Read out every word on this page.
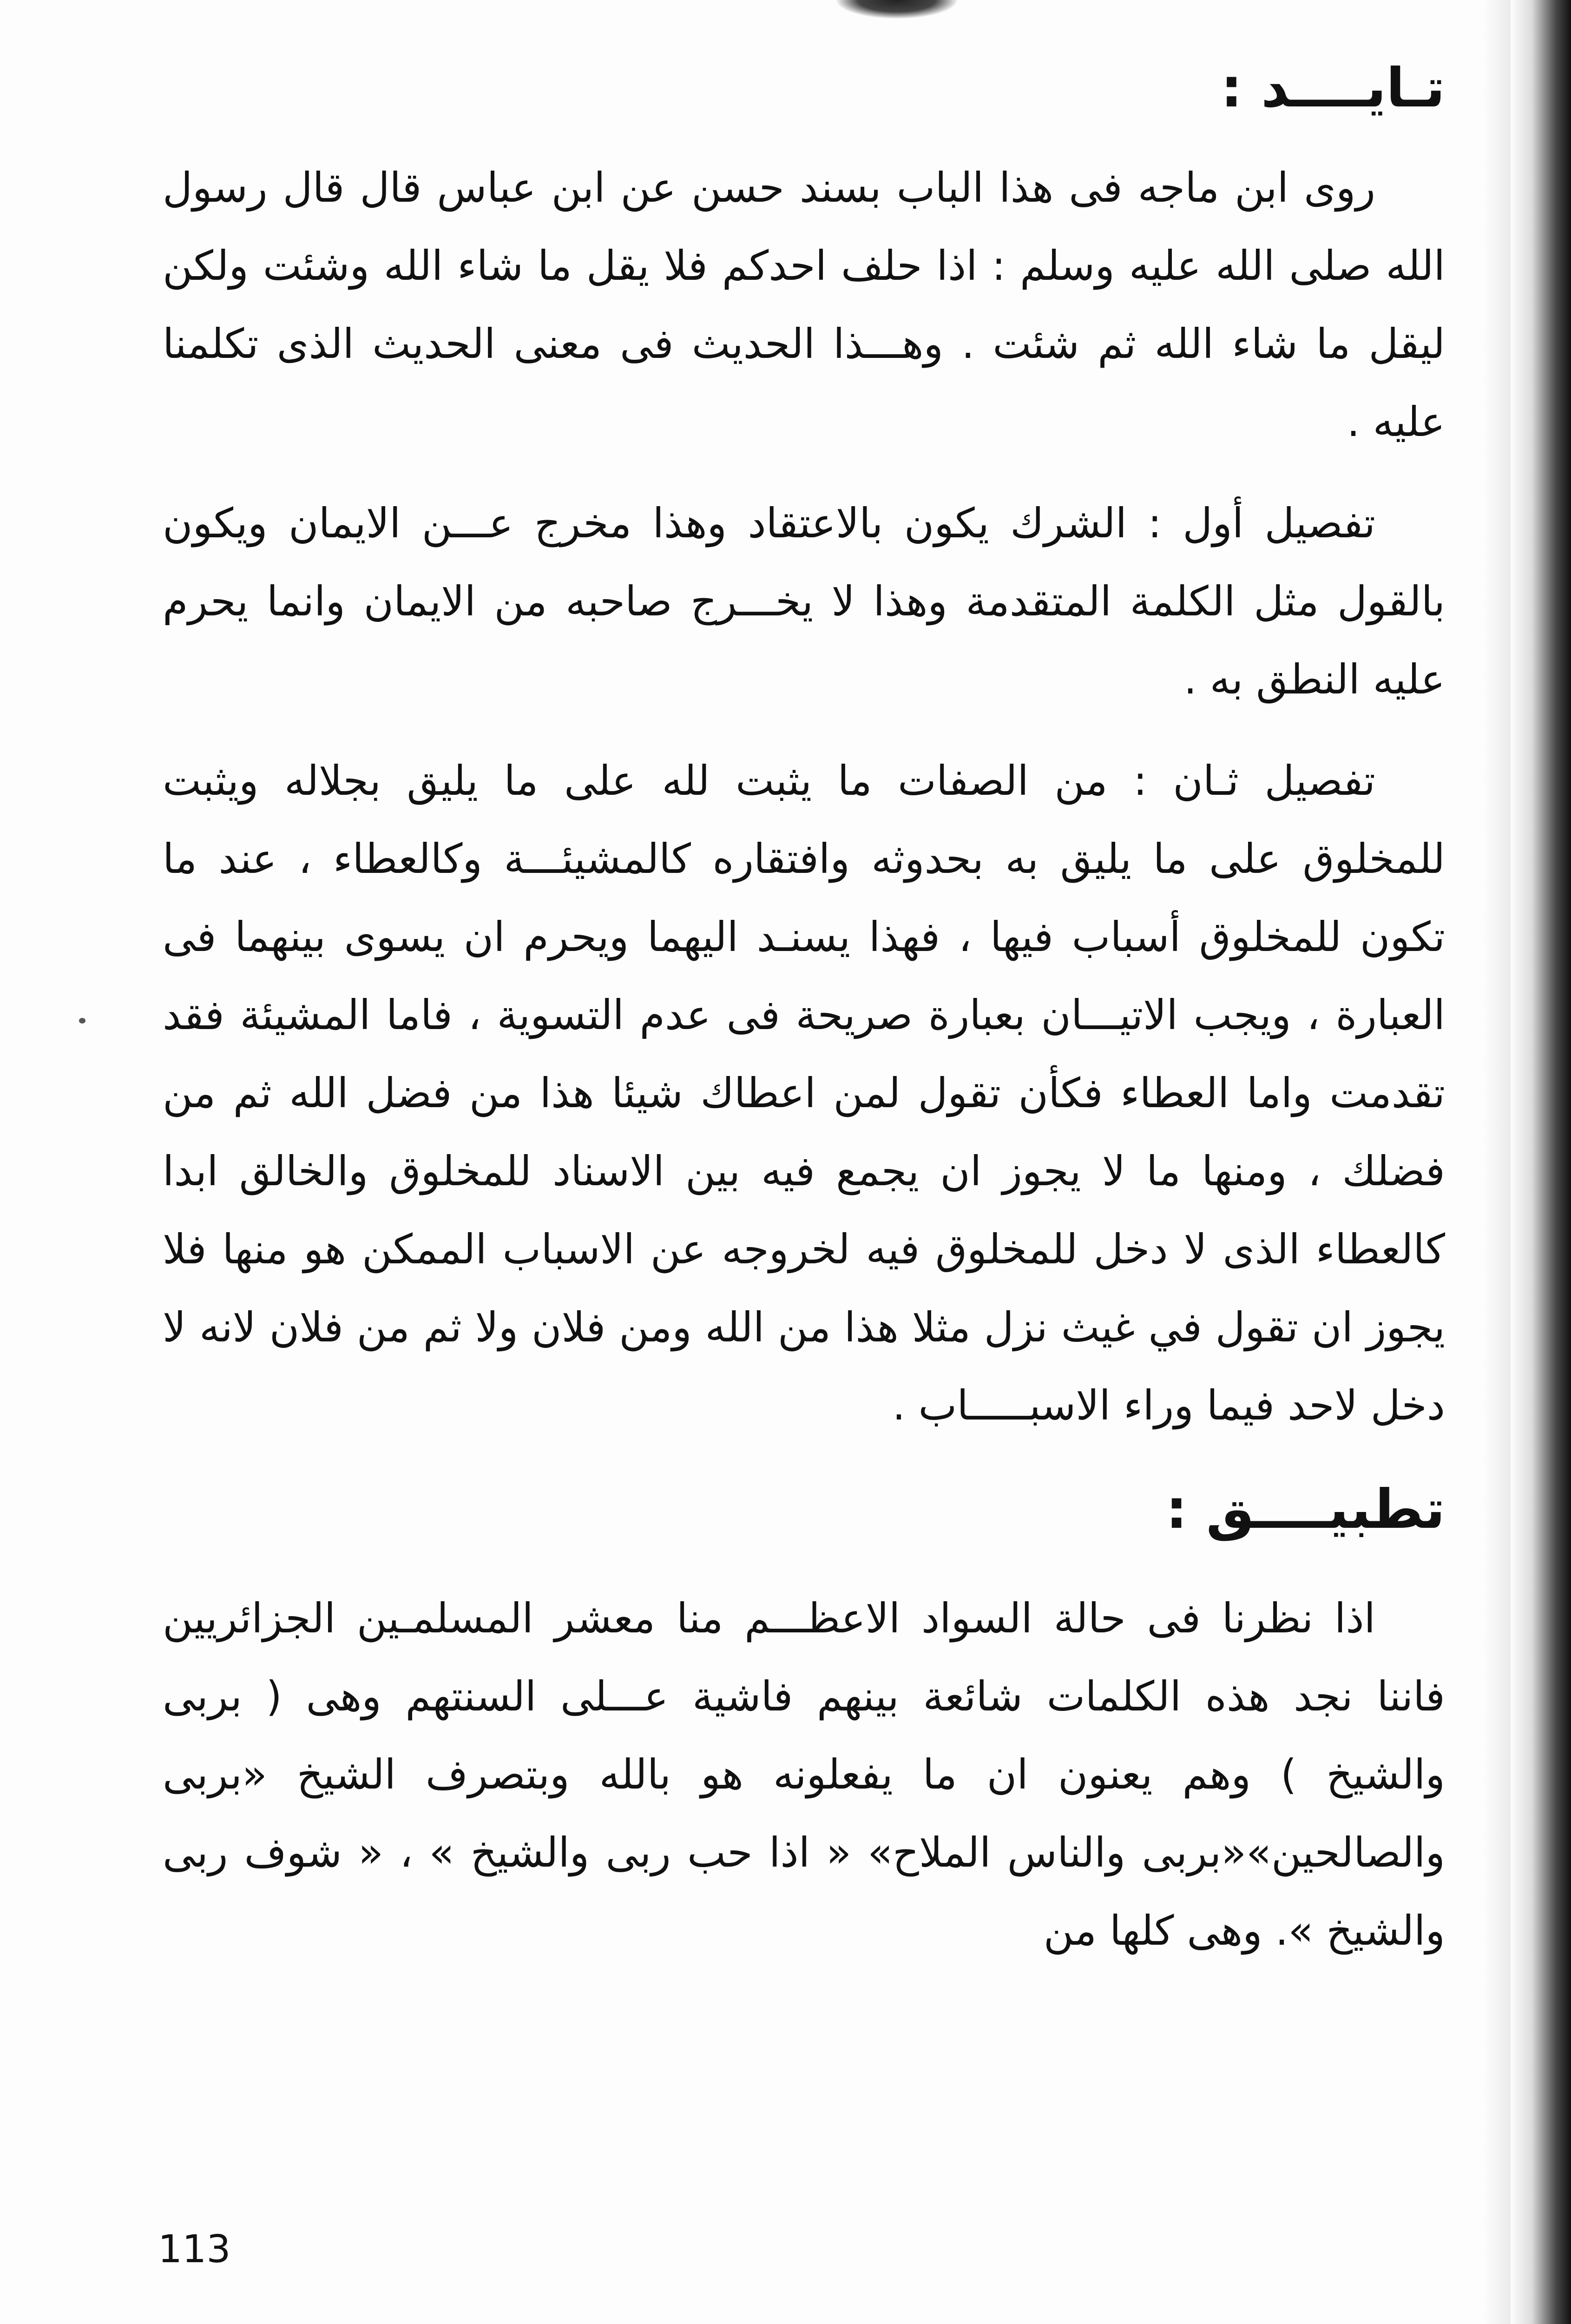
تـايــــد :

روى ابن ماجه فى هذا الباب بسند حسن عن ابن عباس قال قال رسول الله صلى الله عليه وسلم : اذا حلف احدكم فلا يقل ما شاء الله وشئت ولكن ليقل ما شاء الله ثم شئت . وهـــذا الحديث فى معنى الحديث الذى تكلمنا عليه .

تفصيل أول : الشرك يكون بالاعتقاد وهذا مخرج عـــن الايمان ويكون بالقول مثل الكلمة المتقدمة وهذا لا يخـــرج صاحبه من الايمان وانما يحرم عليه النطق به .

تفصيل ثـان : من الصفات ما يثبت لله على ما يليق بجلاله ويثبت للمخلوق على ما يليق به بحدوثه وافتقاره كالمشيئـــة وكالعطاء ، عند ما تكون للمخلوق أسباب فيها ، فهذا يسنـد اليهما ويحرم ان يسوى بينهما فى العبارة ، ويجب الاتيـــان بعبارة صريحة فى عدم التسوية ، فاما المشيئة فقد تقدمت واما العطاء فكأن تقول لمن اعطاك شيئا هذا من فضل الله ثم من فضلك ، ومنها ما لا يجوز ان يجمع فيه بين الاسناد للمخلوق والخالق ابدا كالعطاء الذى لا دخل للمخلوق فيه لخروجه عن الاسباب الممكن هو منها فلا يجوز ان تقول في غيث نزل مثلا هذا من الله ومن فلان ولا ثم من فلان لانه لا دخل لاحد فيما وراء الاسبـــــاب .

تطبيــــق :

اذا نظرنا فى حالة السواد الاعظـــم منا معشر المسلمـين الجزائريين فاننا نجد هذه الكلمات شائعة بينهم فاشية عـــلى السنتهم وهى ( بربى والشيخ ) وهم يعنون ان ما يفعلونه هو بالله وبتصرف الشيخ «بربى والصالحين»«بربى والناس الملاح» « اذا حب ربى والشيخ » ، « شوف ربى والشيخ ». وهى كلها من

113
